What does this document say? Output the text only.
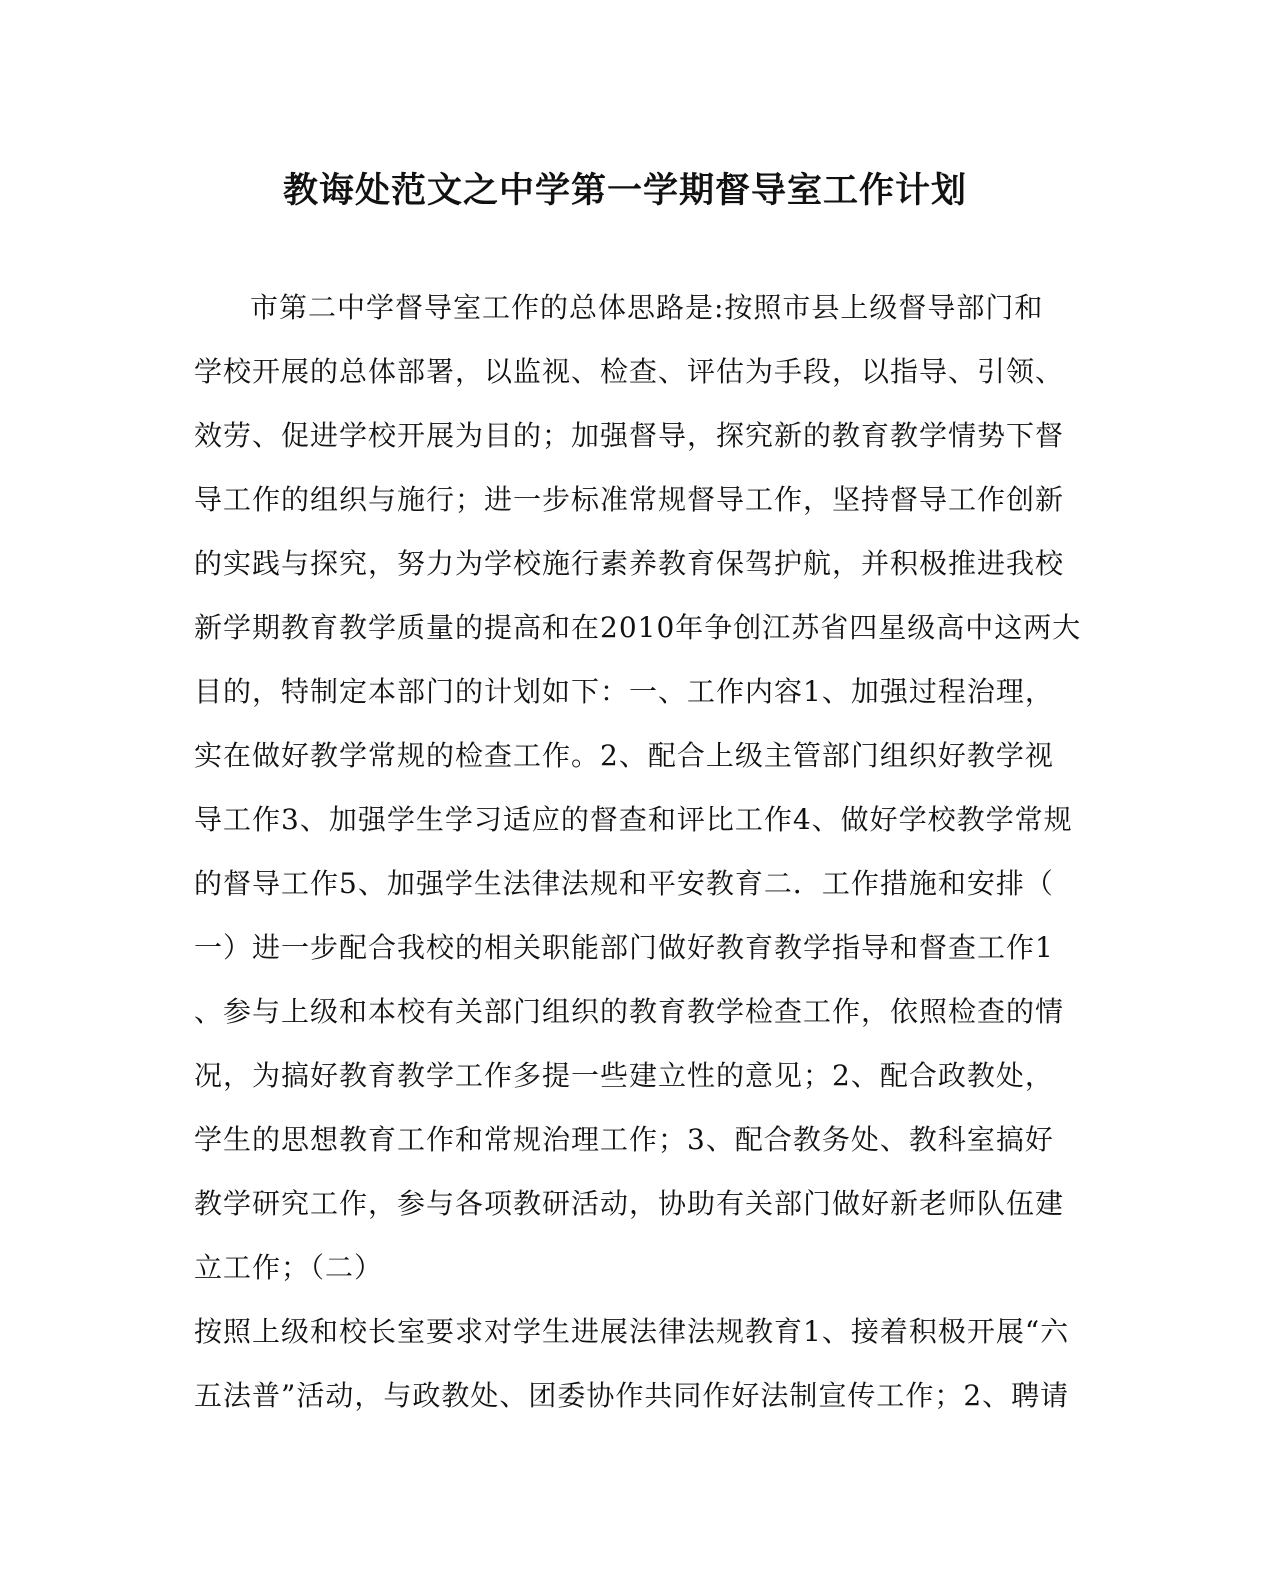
教诲处范文之中学第一学期督导室工作计划
市第二中学督导室工作的总体思路是:按照市县上级督导部门和
学校开展的总体部署，以监视、检查、评估为手段，以指导、引领、
效劳、促进学校开展为目的；加强督导，探究新的教育教学情势下督
导工作的组织与施行；进一步标准常规督导工作，坚持督导工作创新
的实践与探究，努力为学校施行素养教育保驾护航，并积极推进我校
新学期教育教学质量的提高和在2010年争创江苏省四星级高中这两大
目的，特制定本部门的计划如下：一、工作内容1、加强过程治理，
实在做好教学常规的检查工作。2、配合上级主管部门组织好教学视
导工作3、加强学生学习适应的督查和评比工作4、做好学校教学常规
的督导工作5、加强学生法律法规和平安教育二．工作措施和安排（
一）进一步配合我校的相关职能部门做好教育教学指导和督查工作1
、参与上级和本校有关部门组织的教育教学检查工作，依照检查的情
况，为搞好教育教学工作多提一些建立性的意见；2、配合政教处，
学生的思想教育工作和常规治理工作；3、配合教务处、教科室搞好
教学研究工作，参与各项教研活动，协助有关部门做好新老师队伍建
立工作；（二）
按照上级和校长室要求对学生进展法律法规教育1、接着积极开展“六
五法普”活动，与政教处、团委协作共同作好法制宣传工作；2、聘请
